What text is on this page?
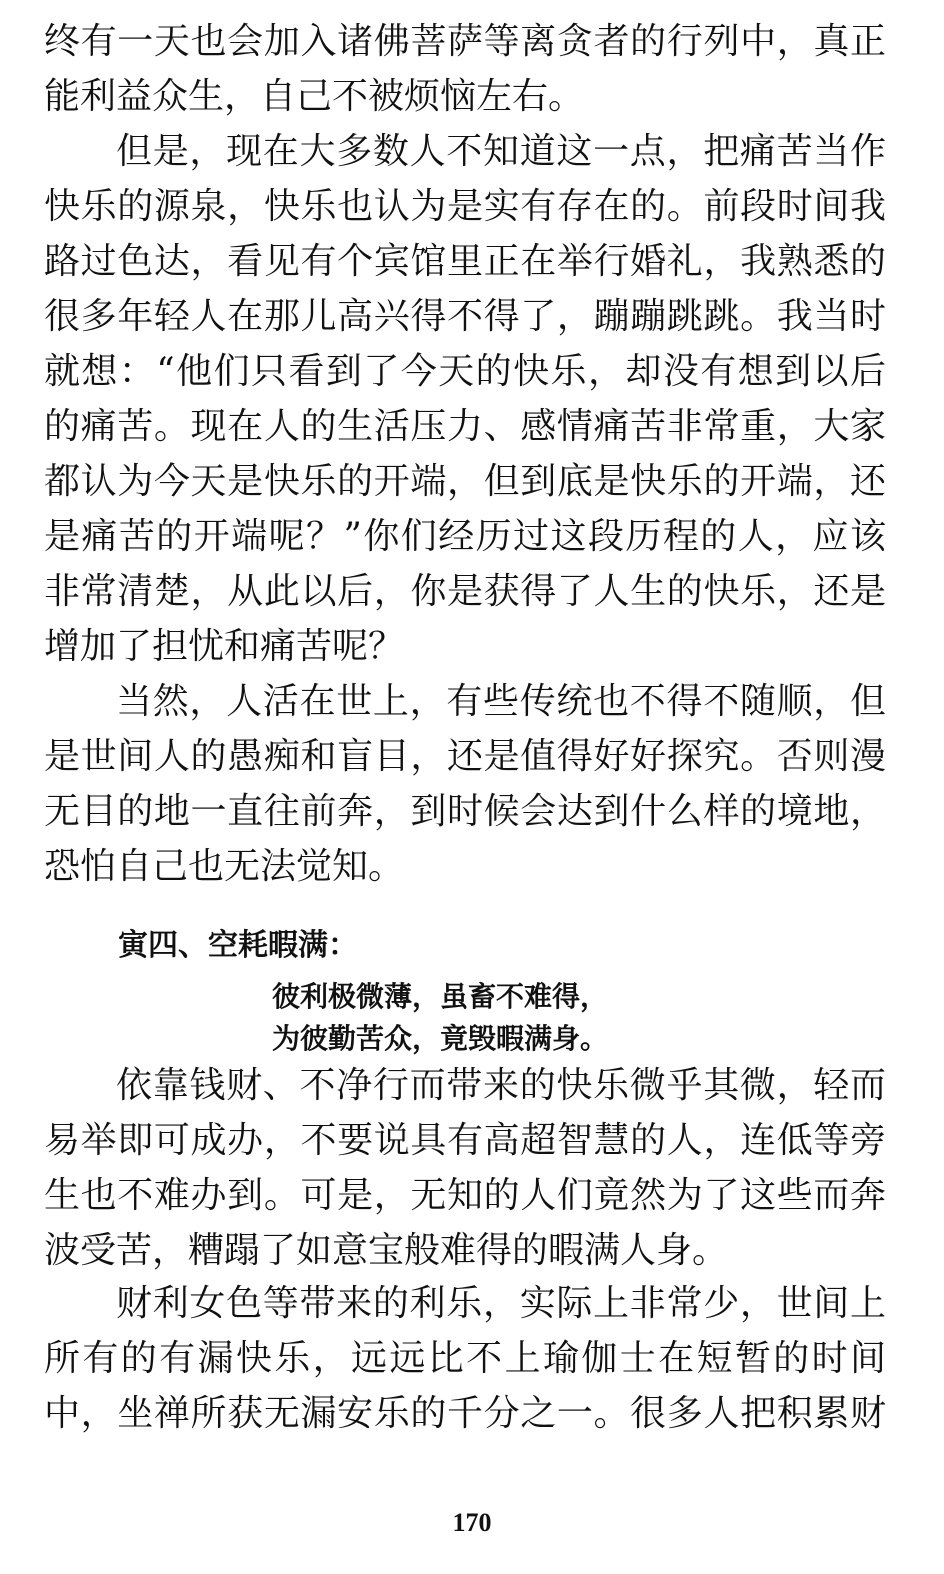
终有一天也会加入诸佛菩萨等离贪者的行列中，真正
能利益众生，自己不被烦恼左右。
但是，现在大多数人不知道这一点，把痛苦当作
快乐的源泉，快乐也认为是实有存在的。前段时间我
路过色达，看见有个宾馆里正在举行婚礼，我熟悉的
很多年轻人在那儿高兴得不得了，蹦蹦跳跳。我当时
就想：“他们只看到了今天的快乐，却没有想到以后
的痛苦。现在人的生活压力、感情痛苦非常重，大家
都认为今天是快乐的开端，但到底是快乐的开端，还
是痛苦的开端呢？”你们经历过这段历程的人，应该
非常清楚，从此以后，你是获得了人生的快乐，还是
增加了担忧和痛苦呢？
当然，人活在世上，有些传统也不得不随顺，但
是世间人的愚痴和盲目，还是值得好好探究。否则漫
无目的地一直往前奔，到时候会达到什么样的境地，
恐怕自己也无法觉知。
寅四、空耗暇满：
彼利极微薄，虽畜不难得，
为彼勤苦众，竟毁暇满身。
依靠钱财、不净行而带来的快乐微乎其微，轻而
易举即可成办，不要说具有高超智慧的人，连低等旁
生也不难办到。可是，无知的人们竟然为了这些而奔
波受苦，糟蹋了如意宝般难得的暇满人身。
财利女色等带来的利乐，实际上非常少，世间上
所有的有漏快乐，远远比不上瑜伽士在短暂的时间
中，坐禅所获无漏安乐的千分之一。很多人把积累财
170
